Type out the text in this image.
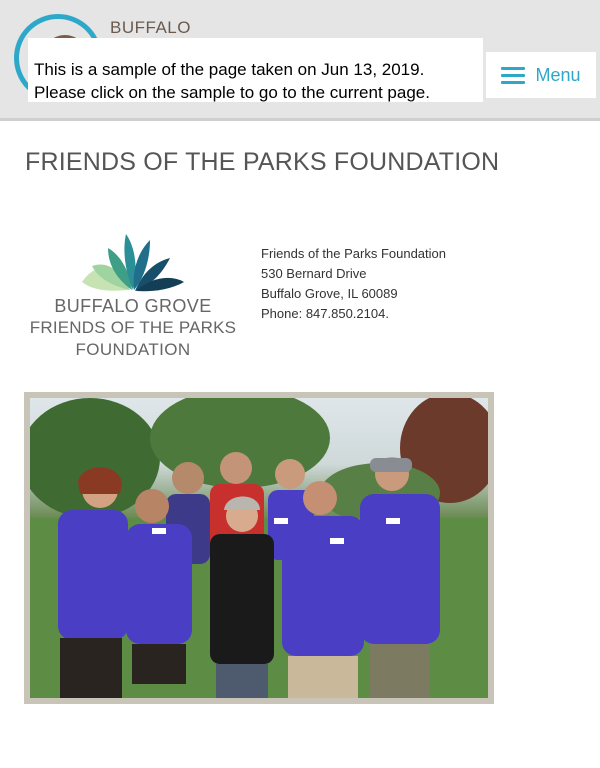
BUFFALO
This is a sample of the page taken on Jun 13, 2019.
Please click on the sample to go to the current page.
Menu
FRIENDS OF THE PARKS FOUNDATION
BUFFALO GROVE
FRIENDS OF THE PARKS
FOUNDATION
Friends of the Parks Foundation
530 Bernard Drive
Buffalo Grove, IL 60089
Phone: 847.850.2104.
